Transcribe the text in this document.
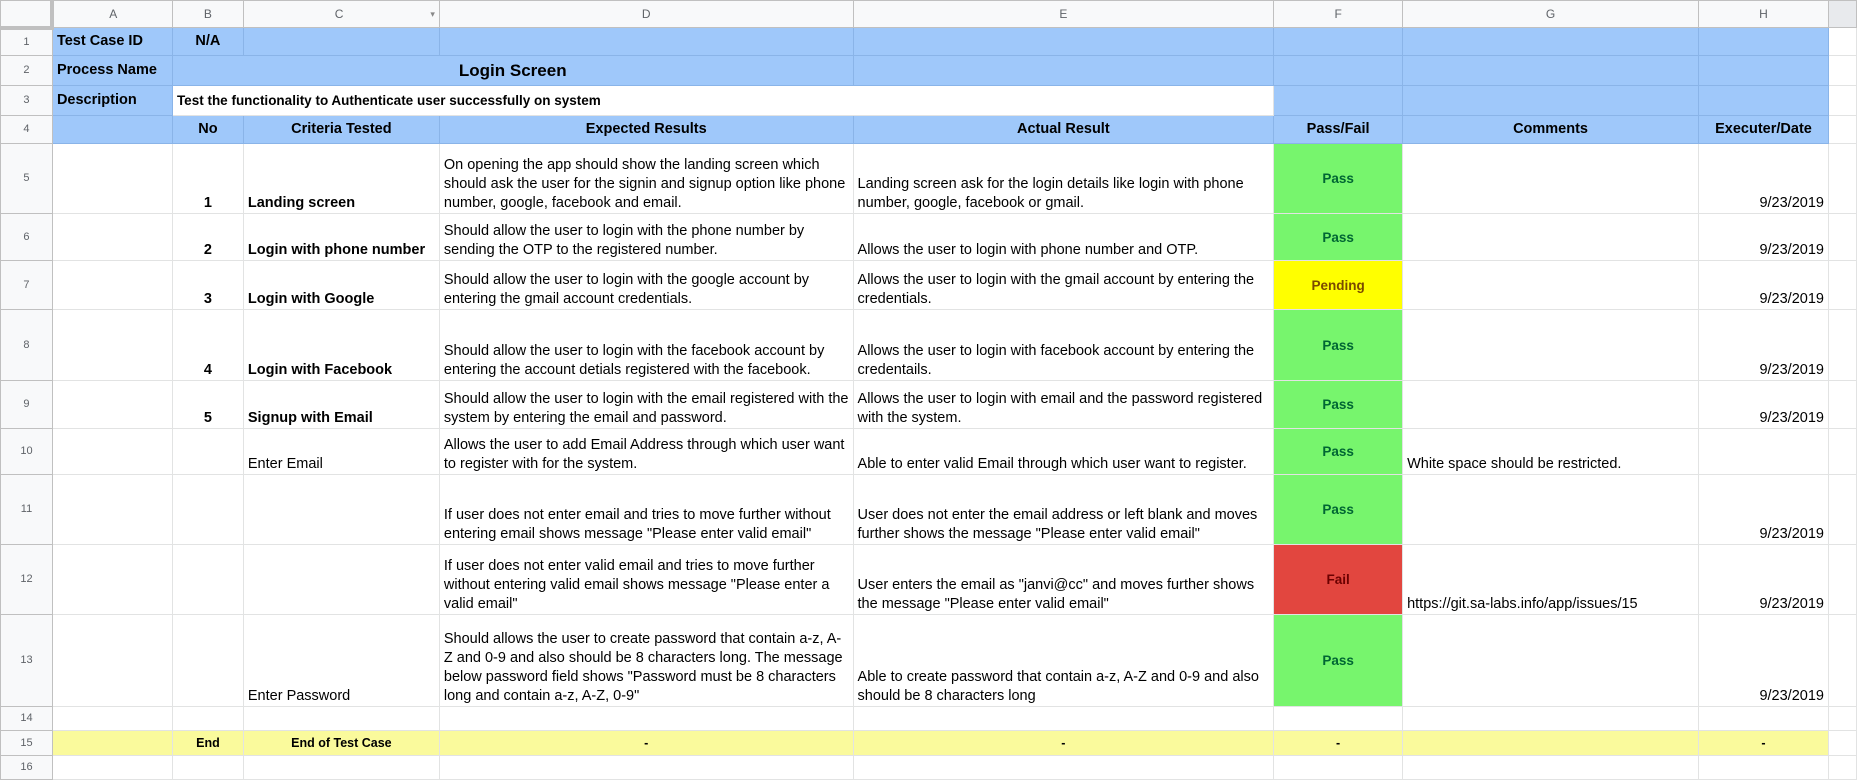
	A	B	C ▾	D	E	F	G	H	
1	Test Case ID	N/A							
2	Process Name	Login Screen							
3	Description	Test the functionality to Authenticate user successfully on system							
4		No	Criteria Tested	Expected Results	Actual Result	Pass/Fail	Comments	Executer/Date	
5		1	Landing screen	On opening the app should show the landing screen which should ask the user for the signin and signup option like phone number, google, facebook and email.	Landing screen ask for the login details like login with phone number, google, facebook or gmail.	Pass		9/23/2019	
6		2	Login with phone number	Should allow the user to login with the phone number by sending the OTP to the registered number.	Allows the user to login with phone number and OTP.	Pass		9/23/2019	
7		3	Login with Google	Should allow the user to login with the google account by entering the gmail account credentials.	Allows the user to login with the gmail account by entering the credentials.	Pending		9/23/2019	
8		4	Login with Facebook	Should allow the user to login with the facebook account by entering the account detials registered with the facebook.	Allows the user to login with facebook account by entering the credentails.	Pass		9/23/2019	
9		5	Signup with Email	Should allow the user to login with the email registered with the system by entering the email and password.	Allows the user to login with email and the password registered with the system.	Pass		9/23/2019	
10			Enter Email	Allows the user to add Email Address through which user want to register with for the system.	Able to enter valid Email through which user want to register.	Pass	White space should be restricted.		
11				If user does not enter email and tries to move further without entering email shows message "Please enter valid email"	User does not enter the email address or left blank and moves further shows the message "Please enter valid email"	Pass		9/23/2019	
12				If user does not enter valid email and tries to move further without entering valid email shows message "Please enter a valid email"	User enters the email as "janvi@cc" and moves further shows the message "Please enter valid email"	Fail	https://git.sa-labs.info/app/issues/15	9/23/2019	
13			Enter Password	Should allows the user to create password that contain a-z, A-Z and 0-9 and also should be 8 characters long. The message below password field shows "Password must be 8 characters long and contain a-z, A-Z, 0-9"	Able to create password that contain a-z, A-Z and 0-9 and also should be 8 characters long	Pass		9/23/2019	
14									
15		End	End of Test Case	-	-	-		-	
16									
